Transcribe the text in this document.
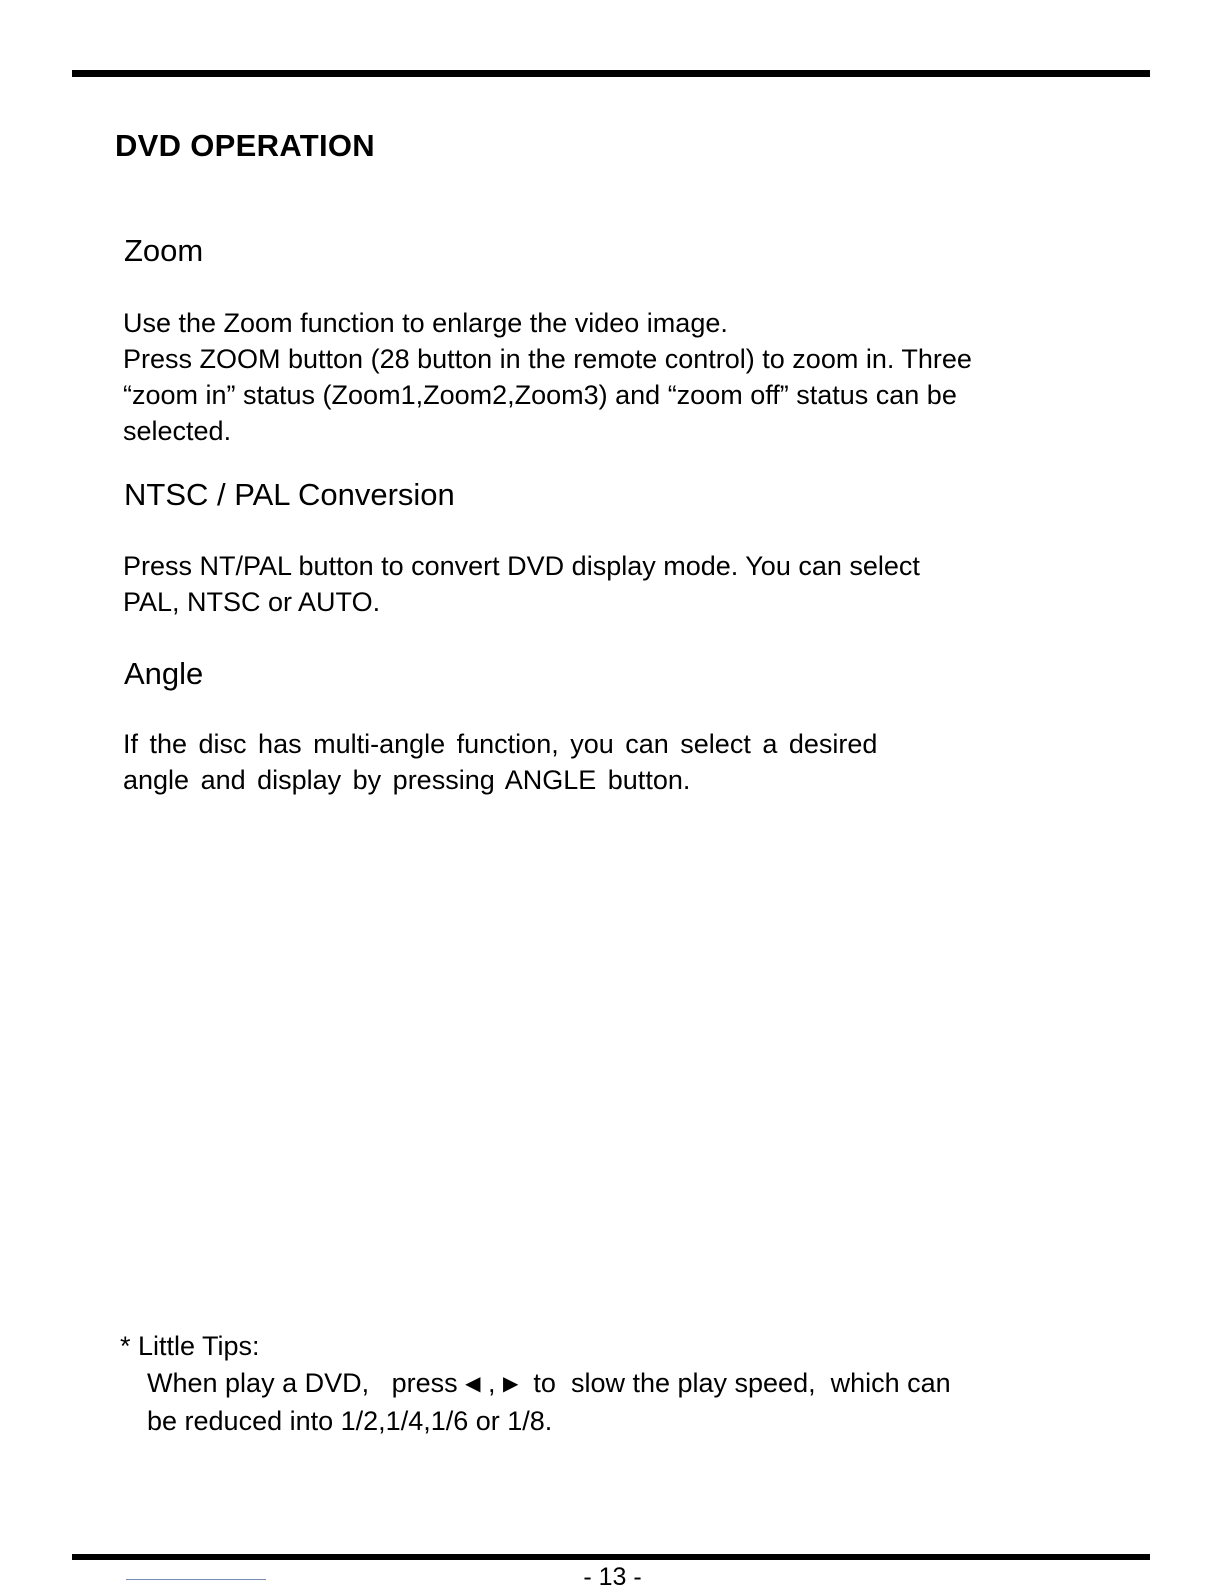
DVD OPERATION
Zoom

Use the Zoom function to enlarge the video image.
Press ZOOM button (28 button in the remote control) to zoom in. Three
“zoom in” status (Zoom1,Zoom2,Zoom3) and “zoom off” status can be
selected.

NTSC / PAL Conversion

Press NT/PAL button to convert DVD display mode. You can select
PAL, NTSC or AUTO.

Angle

If the disc has multi-angle function, you can select a desired
angle and display by pressing ANGLE button.

* Little Tips:
When play a DVD,   press ◀ , ▶  to  slow the play speed,  which can
be reduced into 1/2,1/4,1/6 or 1/8.
- 13 -
